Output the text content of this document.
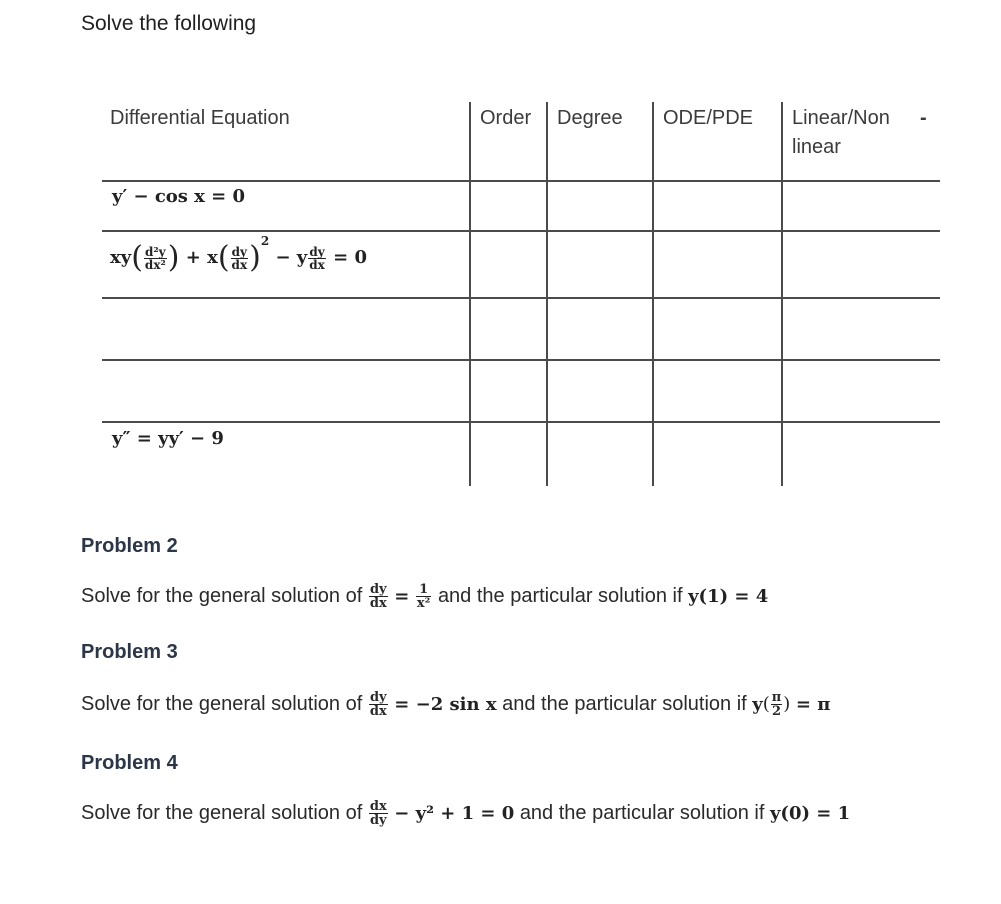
Solve the following
Differential Equation	Order Degree ODE/PDE Linear/Non
linear
-
y′ − cos x = 0
$xy( \frac{\text{d²y}}{\text{dx²}}$ ) + $x( \frac{dy}{dx} )^2 - y \frac{dy}{dx} = 0$
y″ = yy′ − 9
Problem 2
Solve for the general solution of $\frac{dy}{dx} = \frac{1}{\text{x²}}$ and the particular solution if y(1) = 4
Problem 3
Solve for the general solution of $\frac{dy}{dx} = -2$ sin x and the particular solution if $y( \frac{\pi}{2}$ ) = π
Problem 4
Solve for the general solution of $\frac{dx}{dy} - y^2 + 1 = 0$ and the particular solution if y(0) = 1
